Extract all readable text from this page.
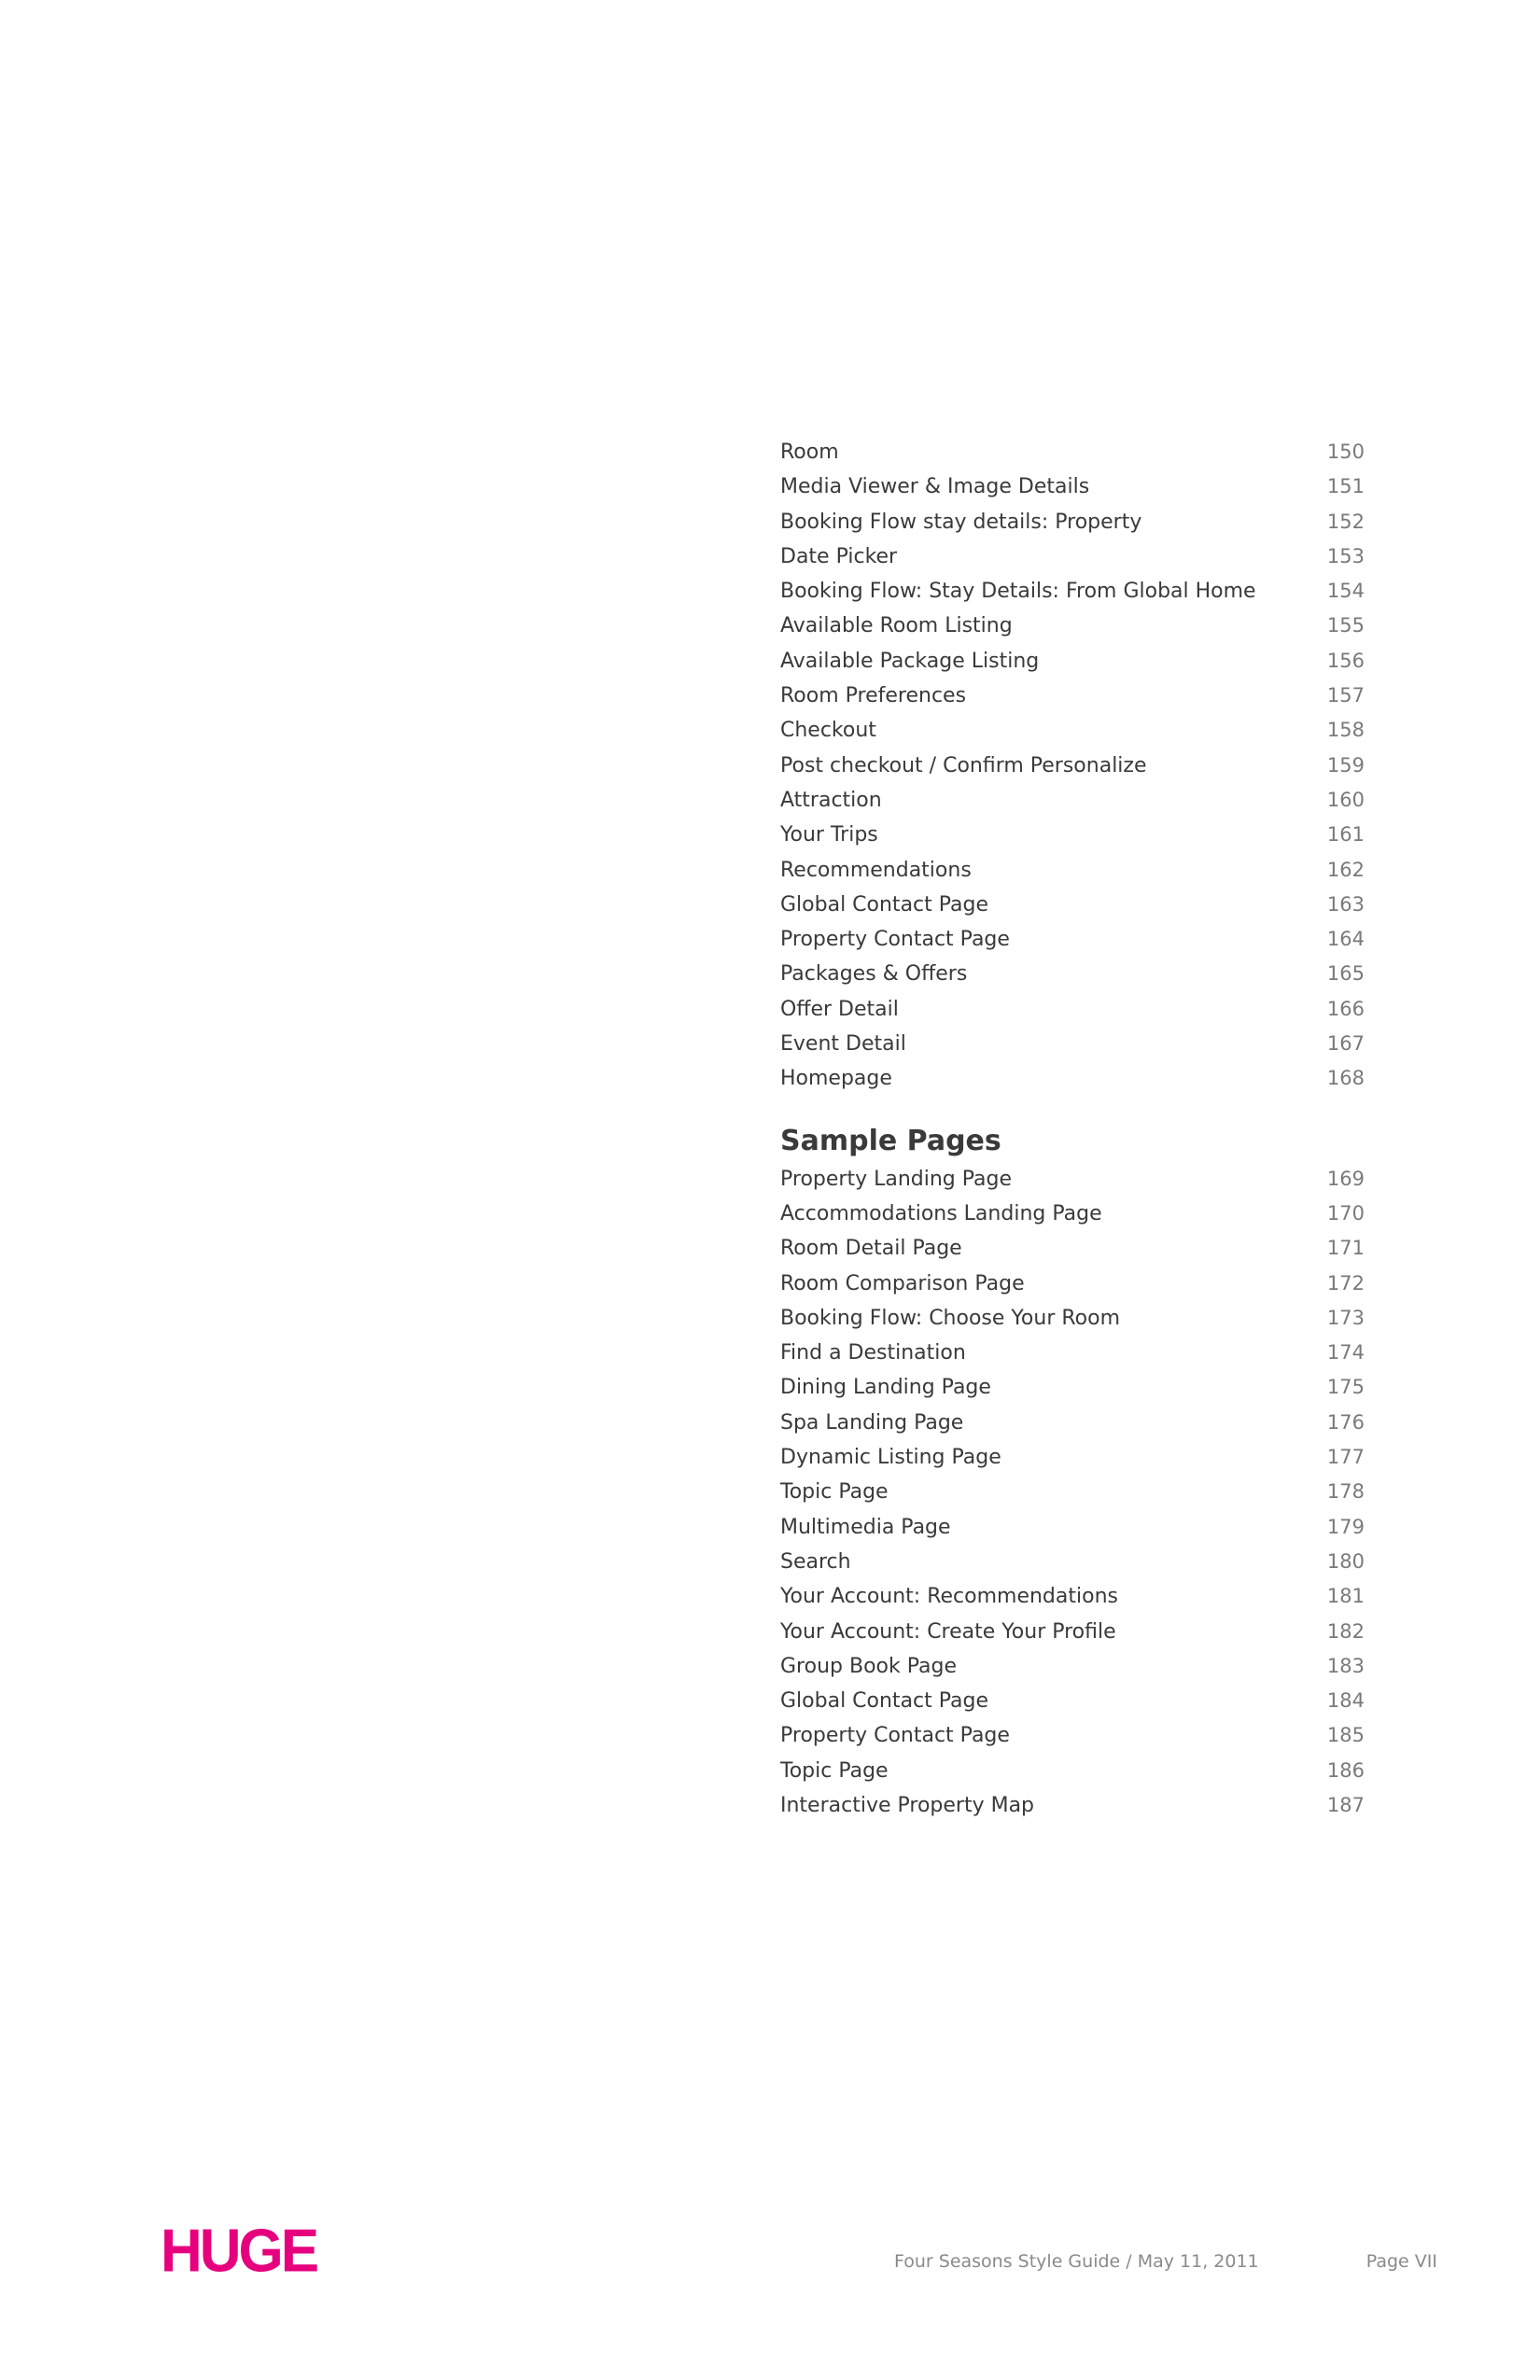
Room	150
Media Viewer & Image Details	151
Booking Flow stay details: Property	152
Date Picker	153
Booking Flow: Stay Details: From Global Home	154
Available Room Listing	155
Available Package Listing	156
Room Preferences	157
Checkout	158
Post checkout / Confirm Personalize	159
Attraction	160
Your Trips	161
Recommendations	162
Global Contact Page	163
Property Contact Page	164
Packages & Offers	165
Offer Detail	166
Event Detail	167
Homepage	168
Sample Pages
Property Landing Page	169
Accommodations Landing Page	170
Room Detail Page	171
Room Comparison Page	172
Booking Flow: Choose Your Room	173
Find a Destination	174
Dining Landing Page	175
Spa Landing Page	176
Dynamic Listing Page	177
Topic Page	178
Multimedia Page	179
Search	180
Your Account: Recommendations	181
Your Account: Create Your Profile	182
Group Book Page	183
Global Contact Page	184
Property Contact Page	185
Topic Page	186
Interactive Property Map	187
HUGE	Four Seasons Style Guide / May 11, 2011	Page VII
